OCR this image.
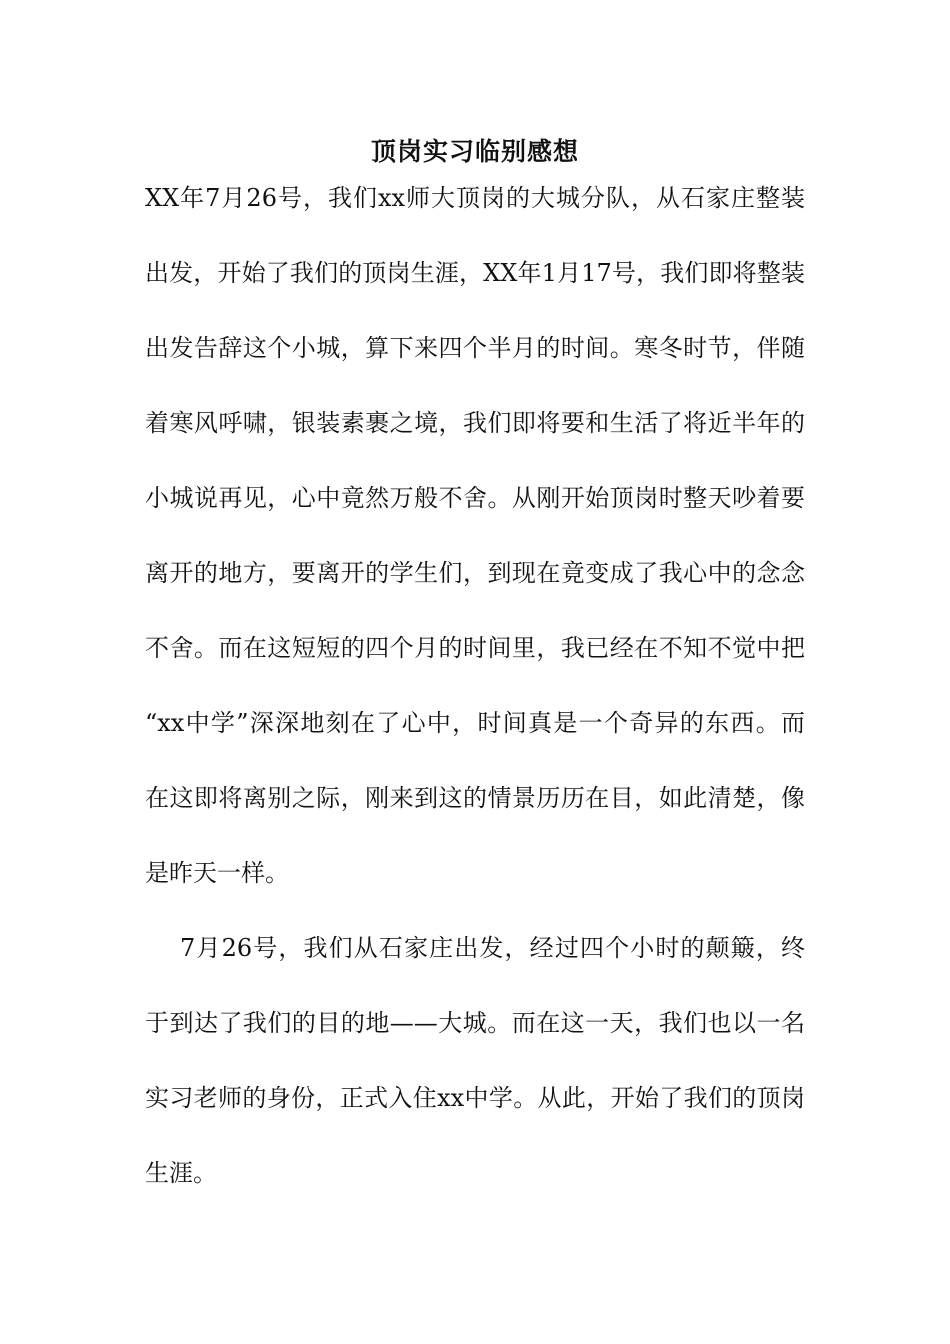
顶岗实习临别感想
XX年7月26号，我们xx师大顶岗的大城分队，从石家庄整装
出发，开始了我们的顶岗生涯，XX年1月17号，我们即将整装
出发告辞这个小城，算下来四个半月的时间。寒冬时节，伴随
着寒风呼啸，银装素裹之境，我们即将要和生活了将近半年的
小城说再见，心中竟然万般不舍。从刚开始顶岗时整天吵着要
离开的地方，要离开的学生们，到现在竟变成了我心中的念念
不舍。而在这短短的四个月的时间里，我已经在不知不觉中把
“xx中学”深深地刻在了心中，时间真是一个奇异的东西。而
在这即将离别之际，刚来到这的情景历历在目，如此清楚，像
是昨天一样。
7月26号，我们从石家庄出发，经过四个小时的颠簸，终
于到达了我们的目的地——大城。而在这一天，我们也以一名
实习老师的身份，正式入住xx中学。从此，开始了我们的顶岗
生涯。
